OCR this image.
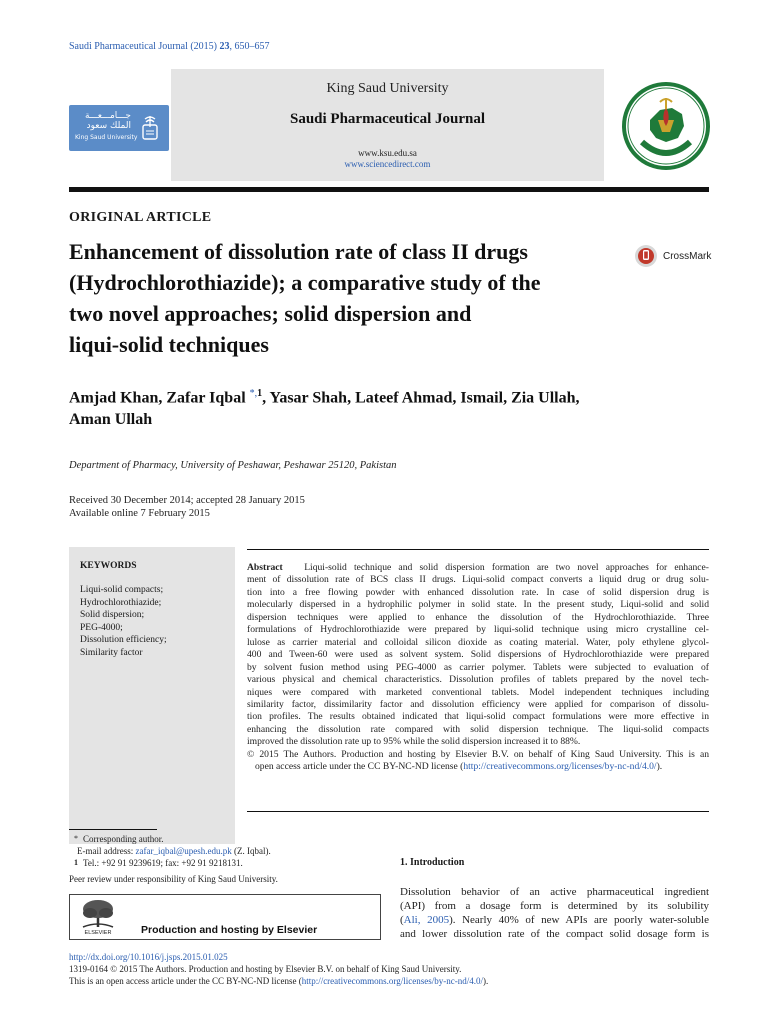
Saudi Pharmaceutical Journal (2015) 23, 650–657
جـــامـــعـــة الملك سعود
King Saud University
King Saud University
Saudi Pharmaceutical Journal
www.ksu.edu.sa
www.sciencedirect.com
ORIGINAL ARTICLE
Enhancement of dissolution rate of class II drugs
(Hydrochlorothiazide); a comparative study of the
two novel approaches; solid dispersion and
liqui-solid techniques
CrossMark
Amjad Khan, Zafar Iqbal $^{*,1}$, Yasar Shah, Lateef Ahmad, Ismail, Zia Ullah,
Aman Ullah
Department of Pharmacy, University of Peshawar, Peshawar 25120, Pakistan
Received 30 December 2014; accepted 28 January 2015
Available online 7 February 2015
KEYWORDS
Liqui-solid compacts;
Hydrochlorothiazide;
Solid dispersion;
PEG-4000;
Dissolution efficiency;
Similarity factor
Abstract Liqui-solid technique and solid dispersion formation are two novel approaches for enhance-
ment of dissolution rate of BCS class II drugs. Liqui-solid compact converts a liquid drug or drug solu-
tion into a free flowing powder with enhanced dissolution rate. In case of solid dispersion drug is
molecularly dispersed in a hydrophilic polymer in solid state. In the present study, Liqui-solid and solid
dispersion techniques were applied to enhance the dissolution of the Hydrochlorothiazide. Three
formulations of Hydrochlorothiazide were prepared by liqui-solid technique using micro crystalline cel-
lulose as carrier material and colloidal silicon dioxide as coating material. Water, poly ethylene glycol-
400 and Tween-60 were used as solvent system. Solid dispersions of Hydrochlorothiazide were prepared
by solvent fusion method using PEG-4000 as carrier polymer. Tablets were subjected to evaluation of
various physical and chemical characteristics. Dissolution profiles of tablets prepared by the novel tech-
niques were compared with marketed conventional tablets. Model independent techniques including
similarity factor, dissimilarity factor and dissolution efficiency were applied for comparison of dissolu-
tion profiles. The results obtained indicated that liqui-solid compact formulations were more effective in
enhancing the dissolution rate compared with solid dispersion technique. The liqui-solid compacts
improved the dissolution rate up to 95% while the solid dispersion increased it to 88%.
© 2015 The Authors. Production and hosting by Elsevier B.V. on behalf of King Saud University. This is an
open access article under the CC BY-NC-ND license (http://creativecommons.org/licenses/by-nc-nd/4.0/).
* Corresponding author.
E-mail address: zafar_iqbal@upesh.edu.pk (Z. Iqbal).
1 Tel.: +92 91 9239619; fax: +92 91 9218131.
Peer review under responsibility of King Saud University.
ELSEVIER	Production and hosting by Elsevier
1. Introduction
Dissolution behavior of an active pharmaceutical ingredient
(API) from a dosage form is determined by its solubility
(Ali, 2005). Nearly 40% of new APIs are poorly water-soluble
and lower dissolution rate of the compact solid dosage form is
http://dx.doi.org/10.1016/j.jsps.2015.01.025
1319-0164 © 2015 The Authors. Production and hosting by Elsevier B.V. on behalf of King Saud University.
This is an open access article under the CC BY-NC-ND license (http://creativecommons.org/licenses/by-nc-nd/4.0/).
